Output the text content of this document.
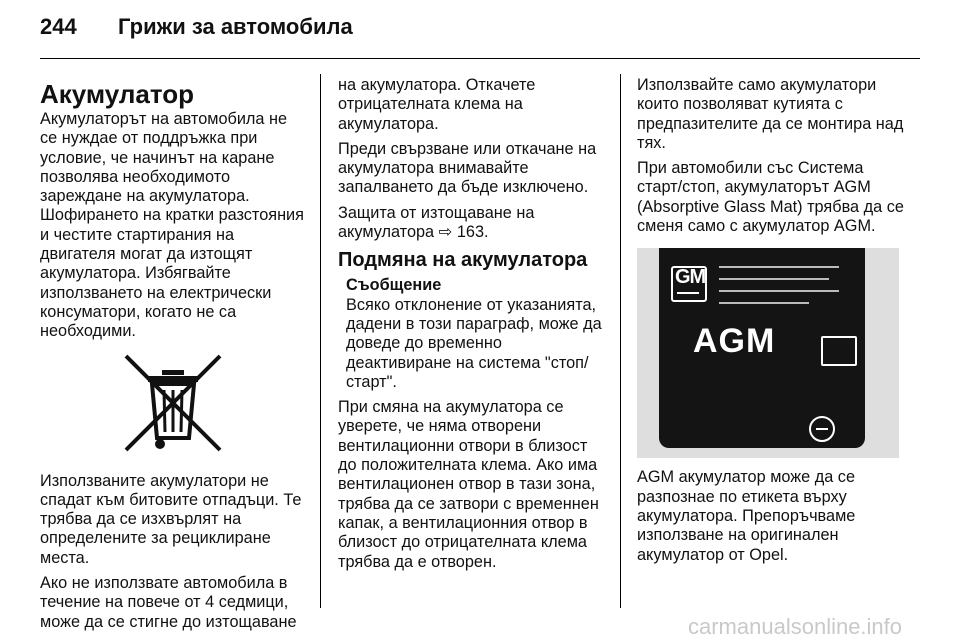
244 Грижи за автомобила
Акумулатор

Акумулаторът на автомобила не се нуждае от поддръжка при условие, че начинът на каране позволява необходимото зареждане на акумулатора. Шофирането на кратки разстояния и честите стартирания на двигателя могат да изтощят акумулатора. Избягвайте използването на електрически консуматори, когато не са необходими.

Използваните акумулатори не спадат към битовите отпадъци. Те трябва да се изхвърлят на определените за рециклиране места.

Ако не използвате автомобила в течение на повече от 4 седмици, може да се стигне до изтощаване

на акумулатора. Откачете отрицателната клема на акумулатора.

Преди свързване или откачане на акумулатора внимавайте запалването да бъде изключено.

Защита от изтощаване на акумулатора ⇨ 163.

Подмяна на акумулатора
Съобщение
Всяко отклонение от указанията, дадени в този параграф, може да доведе до временно деактивиране на система "стоп/старт".

При смяна на акумулатора се уверете, че няма отворени вентилационни отвори в близост до положителната клема. Ако има вентилационен отвор в тази зона, трябва да се затвори с временнен капак, а вентилационния отвор в близост до отрицателната клема трябва да е отворен.

Използвайте само акумулатори които позволяват кутията с предпазителите да се монтира над тях.

При автомобили със Система старт/стоп, акумулаторът AGM (Absorptive Glass Mat) трябва да се сменя само с акумулатор AGM.

GM
AGM

AGM акумулатор може да се разпознае по етикета върху акумулатора. Препоръчваме използване на оригинален акумулатор от Opel.

carmanualsonline.info
